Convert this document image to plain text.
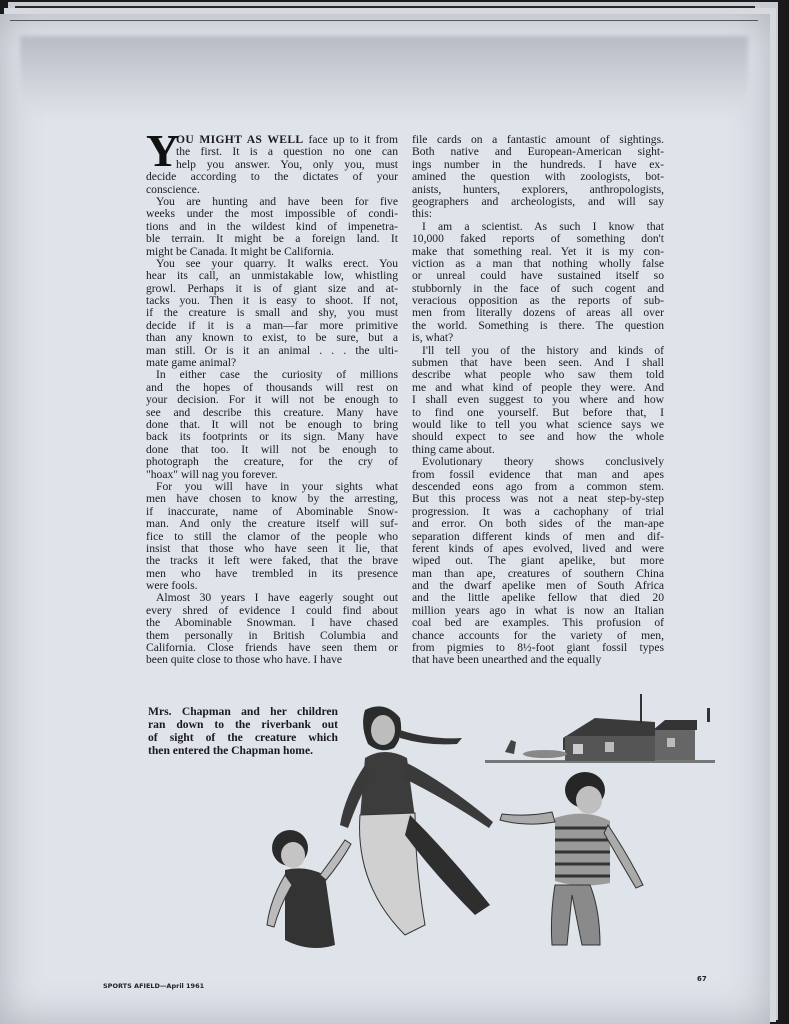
Y
OU MIGHT AS WELL face up to it from
the first. It is a question no one can
help you answer. You, only you, must
decide according to the dictates of your
conscience.
You are hunting and have been for five
weeks under the most impossible of condi-
tions and in the wildest kind of impenetra-
ble terrain. It might be a foreign land. It
might be Canada. It might be California.
You see your quarry. It walks erect. You
hear its call, an unmistakable low, whistling
growl. Perhaps it is of giant size and at-
tacks you. Then it is easy to shoot. If not,
if the creature is small and shy, you must
decide if it is a man—far more primitive
than any known to exist, to be sure, but a
man still. Or is it an animal . . . the ulti-
mate game animal?
In either case the curiosity of millions
and the hopes of thousands will rest on
your decision. For it will not be enough to
see and describe this creature. Many have
done that. It will not be enough to bring
back its footprints or its sign. Many have
done that too. It will not be enough to
photograph the creature, for the cry of
"hoax" will nag you forever.
For you will have in your sights what
men have chosen to know by the arresting,
if inaccurate, name of Abominable Snow-
man. And only the creature itself will suf-
fice to still the clamor of the people who
insist that those who have seen it lie, that
the tracks it left were faked, that the brave
men who have trembled in its presence
were fools.
Almost 30 years I have eagerly sought out
every shred of evidence I could find about
the Abominable Snowman. I have chased
them personally in British Columbia and
California. Close friends have seen them or
been quite close to those who have. I have
file cards on a fantastic amount of sightings.
Both native and European-American sight-
ings number in the hundreds. I have ex-
amined the question with zoologists, bot-
anists, hunters, explorers, anthropologists,
geographers and archeologists, and will say
this:
I am a scientist. As such I know that
10,000 faked reports of something don't
make that something real. Yet it is my con-
viction as a man that nothing wholly false
or unreal could have sustained itself so
stubbornly in the face of such cogent and
veracious opposition as the reports of sub-
men from literally dozens of areas all over
the world. Something is there. The question
is, what?
I'll tell you of the history and kinds of
submen that have been seen. And I shall
describe what people who saw them told
me and what kind of people they were. And
I shall even suggest to you where and how
to find one yourself. But before that, I
would like to tell you what science says we
should expect to see and how the whole
thing came about.
Evolutionary theory shows conclusively
from fossil evidence that man and apes
descended eons ago from a common stem.
But this process was not a neat step-by-step
progression. It was a cachophany of trial
and error. On both sides of the man-ape
separation different kinds of men and dif-
ferent kinds of apes evolved, lived and were
wiped out. The giant apelike, but more
man than ape, creatures of southern China
and the dwarf apelike men of South Africa
and the little apelike fellow that died 20
million years ago in what is now an Italian
coal bed are examples. This profusion of
chance accounts for the variety of men,
from pigmies to 8½-foot giant fossil types
that have been unearthed and the equally
Mrs. Chapman and her children
ran down to the riverbank out
of sight of the creature which
then entered the Chapman home.
SPORTS AFIELD—April 1961
67
